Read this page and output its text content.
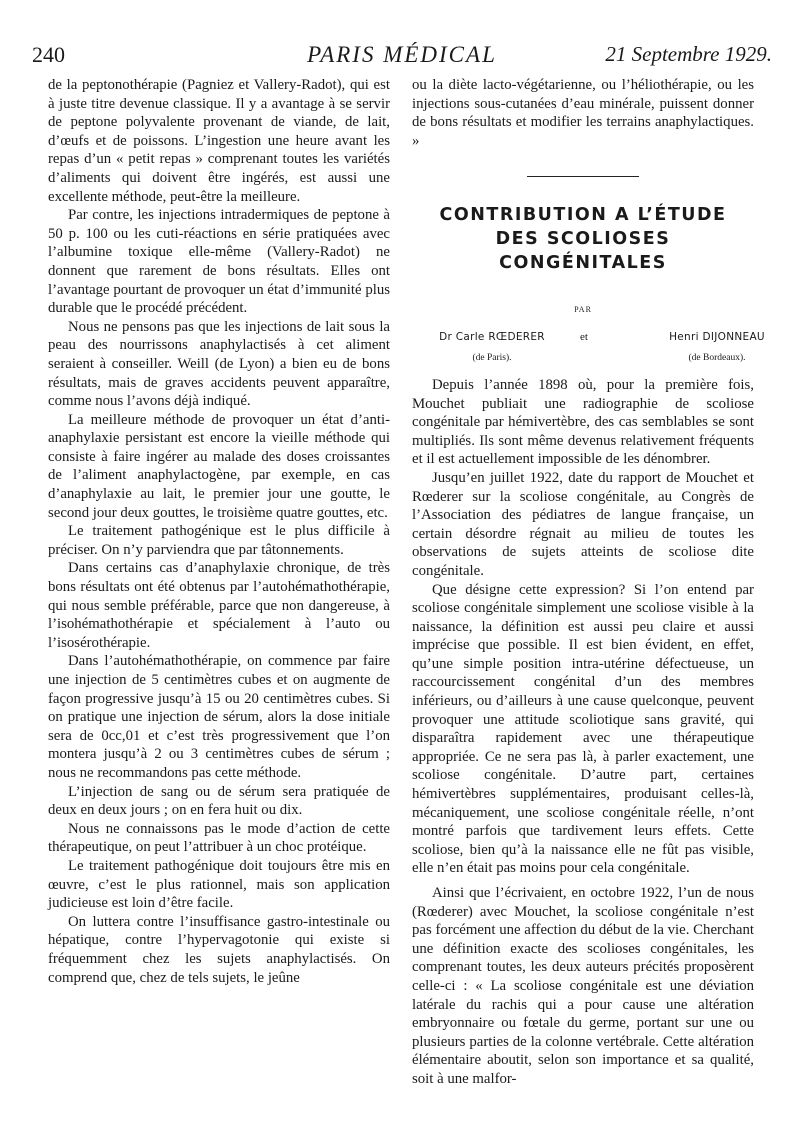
240	PARIS MÉDICAL	21 Septembre 1929.

de la peptonothérapie (Pagniez et Vallery-Radot), qui est à juste titre devenue classique. Il y a avantage à se servir de peptone polyvalente provenant de viande, de lait, d’œufs et de poissons. L’ingestion une heure avant les repas d’un « petit repas » comprenant toutes les variétés d’aliments qui doivent être ingérés, est aussi une excellente méthode, peut-être la meilleure.

Par contre, les injections intradermiques de peptone à 50 p. 100 ou les cuti-réactions en série pratiquées avec l’albumine toxique elle-même (Vallery-Radot) ne donnent que rarement de bons résultats. Elles ont l’avantage pourtant de provoquer un état d’immunité plus durable que le procédé précédent.

Nous ne pensons pas que les injections de lait sous la peau des nourrissons anaphylactisés à cet aliment seraient à conseiller. Weill (de Lyon) a bien eu de bons résultats, mais de graves accidents peuvent apparaître, comme nous l’avons déjà indiqué.

La meilleure méthode de provoquer un état d’anti-anaphylaxie persistant est encore la vieille méthode qui consiste à faire ingérer au malade des doses croissantes de l’aliment anaphylactogène, par exemple, en cas d’anaphylaxie au lait, le premier jour une goutte, le second jour deux gouttes, le troisième quatre gouttes, etc.

Le traitement pathogénique est le plus difficile à préciser. On n’y parviendra que par tâtonnements.

Dans certains cas d’anaphylaxie chronique, de très bons résultats ont été obtenus par l’autohémathothérapie, qui nous semble préférable, parce que non dangereuse, à l’isohémathothérapie et spécialement à l’auto ou l’isosérothérapie.

Dans l’autohémathothérapie, on commence par faire une injection de 5 centimètres cubes et on augmente de façon progressive jusqu’à 15 ou 20 centimètres cubes. Si on pratique une injection de sérum, alors la dose initiale sera de 0cc,01 et c’est très progressivement que l’on montera jusqu’à 2 ou 3 centimètres cubes de sérum ; nous ne recommandons pas cette méthode.

L’injection de sang ou de sérum sera pratiquée de deux en deux jours ; on en fera huit ou dix.

Nous ne connaissons pas le mode d’action de cette thérapeutique, on peut l’attribuer à un choc protéique.

Le traitement pathogénique doit toujours être mis en œuvre, c’est le plus rationnel, mais son application judicieuse est loin d’être facile.

On luttera contre l’insuffisance gastro-intestinale ou hépatique, contre l’hypervagotonie qui existe si fréquemment chez les sujets anaphylactisés. On comprend que, chez de tels sujets, le jeûne

ou la diète lacto-végétarienne, ou l’héliothérapie, ou les injections sous-cutanées d’eau minérale, puissent donner de bons résultats et modifier les terrains anaphylactiques. »

CONTRIBUTION A L’ÉTUDE
DES SCOLIOSES
CONGÉNITALES
PAR
Dr Carle RŒDERER
(de Paris).
et	Henri DIJONNEAU
(de Bordeaux).

Depuis l’année 1898 où, pour la première fois, Mouchet publiait une radiographie de scoliose congénitale par hémivertèbre, des cas semblables se sont multipliés. Ils sont même devenus relativement fréquents et il est actuellement impossible de les dénombrer.

Jusqu’en juillet 1922, date du rapport de Mouchet et Rœderer sur la scoliose congénitale, au Congrès de l’Association des pédiatres de langue française, un certain désordre régnait au milieu de toutes les observations de sujets atteints de scoliose dite congénitale.

Que désigne cette expression? Si l’on entend par scoliose congénitale simplement une scoliose visible à la naissance, la définition est aussi peu claire et aussi imprécise que possible. Il est bien évident, en effet, qu’une simple position intra-utérine défectueuse, un raccourcissement congénital d’un des membres inférieurs, ou d’ailleurs à une cause quelconque, peuvent provoquer une attitude scoliotique sans gravité, qui disparaîtra rapidement avec une thérapeutique appropriée. Ce ne sera pas là, à parler exactement, une scoliose congénitale. D’autre part, certaines hémivertèbres supplémentaires, produisant celles-là, mécaniquement, une scoliose congénitale réelle, n’ont montré parfois que tardivement leurs effets. Cette scoliose, bien qu’à la naissance elle ne fût pas visible, elle n’en était pas moins pour cela congénitale.

Ainsi que l’écrivaient, en octobre 1922, l’un de nous (Rœderer) avec Mouchet, la scoliose congénitale n’est pas forcément une affection du début de la vie. Cherchant une définition exacte des scolioses congénitales, les comprenant toutes, les deux auteurs précités proposèrent celle-ci : « La scoliose congénitale est une déviation latérale du rachis qui a pour cause une altération embryonnaire ou fœtale du germe, portant sur une ou plusieurs parties de la colonne vertébrale. Cette altération élémentaire aboutit, selon son importance et sa qualité, soit à une malfor-
